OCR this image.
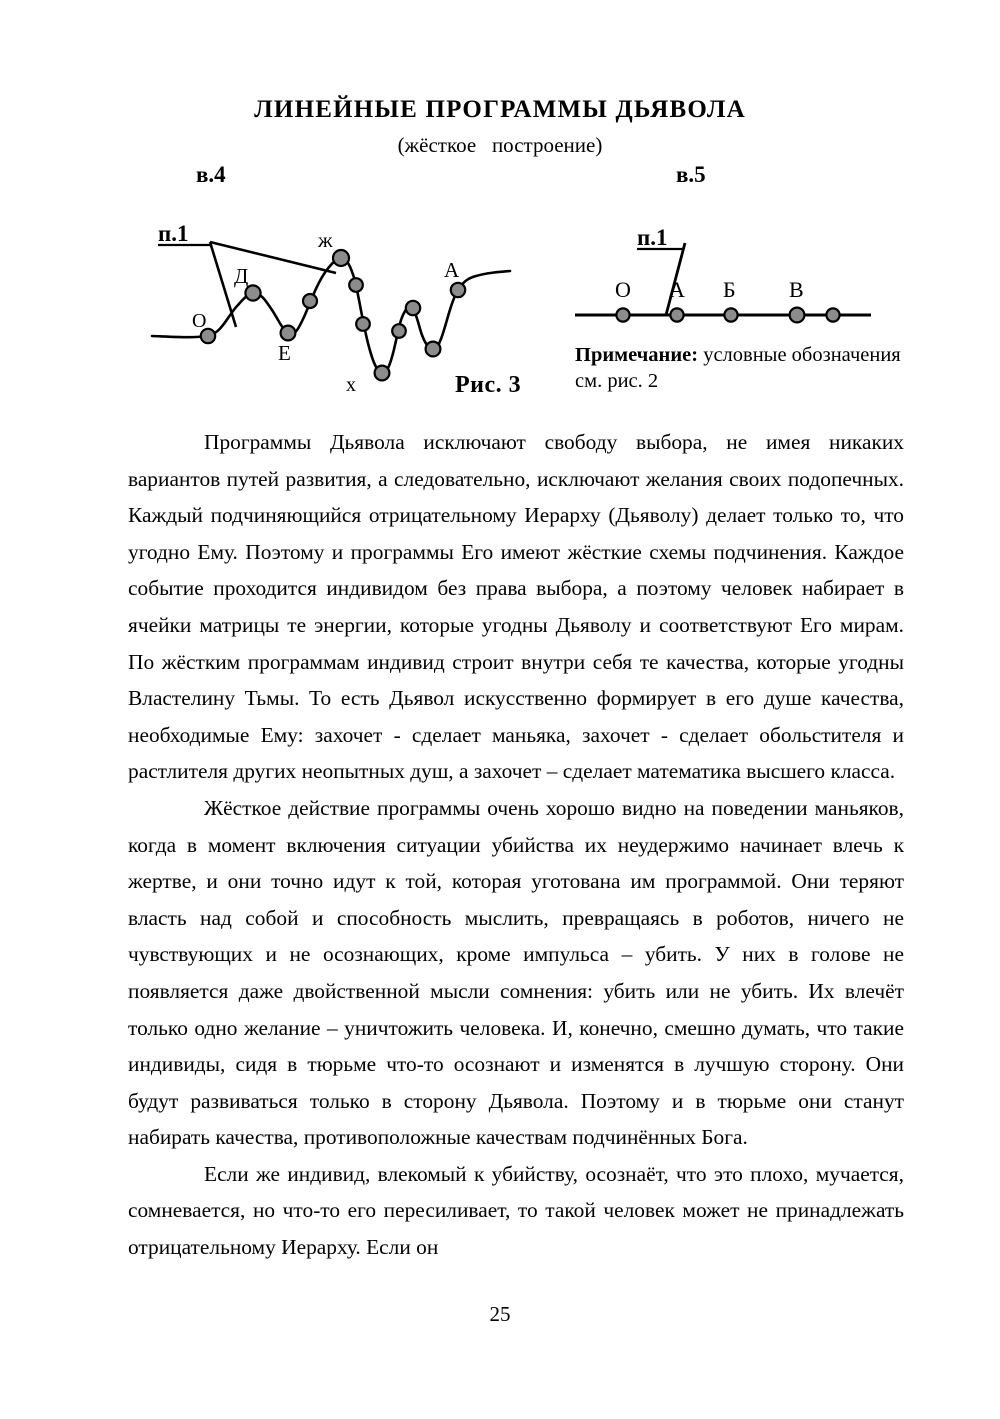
ЛИНЕЙНЫЕ ПРОГРАММЫ ДЬЯВОЛА
(жёсткое   построение)
в.4	в.5
п.1
О
Д
Е
ж
х
А
Рис. 3
п.1
О А Б В
Примечание: условные обозначения см. рис. 2

Программы Дьявола исключают свободу выбора, не имея никаких вариантов путей развития, а следовательно, исключают желания своих подопечных. Каждый подчиняющийся отрицательному Иерарху (Дьяволу) делает только то, что угодно Ему. Поэтому и программы Его имеют жёсткие схемы подчинения. Каждое событие проходится индивидом без права выбора, а поэтому человек набирает в ячейки матрицы те энергии, которые угодны Дьяволу и соответствуют Его мирам. По жёстким программам индивид строит внутри себя те качества, которые угодны Властелину Тьмы. То есть Дьявол искусственно формирует в его душе качества, необходимые Ему: захочет - сделает маньяка, захочет - сделает обольстителя и растлителя других неопытных душ, а захочет – сделает математика высшего класса.

Жёсткое действие программы очень хорошо видно на поведении маньяков, когда в момент включения ситуации убийства их неудержимо начинает влечь к жертве, и они точно идут к той, которая уготована им программой. Они теряют власть над собой и способность мыслить, превращаясь в роботов, ничего не чувствующих и не осознающих, кроме импульса – убить. У них в голове не появляется даже двойственной мысли сомнения: убить или не убить. Их влечёт только одно желание – уничтожить человека. И, конечно, смешно думать, что такие индивиды, сидя в тюрьме что-то осознают и изменятся в лучшую сторону. Они будут развиваться только в сторону Дьявола. Поэтому и в тюрьме они станут набирать качества, противоположные качествам подчинённых Бога.

Если же индивид, влекомый к убийству, осознаёт, что это плохо, мучается, сомневается, но что-то его пересиливает, то такой человек может не принадлежать отрицательному Иерарху. Если он

25
